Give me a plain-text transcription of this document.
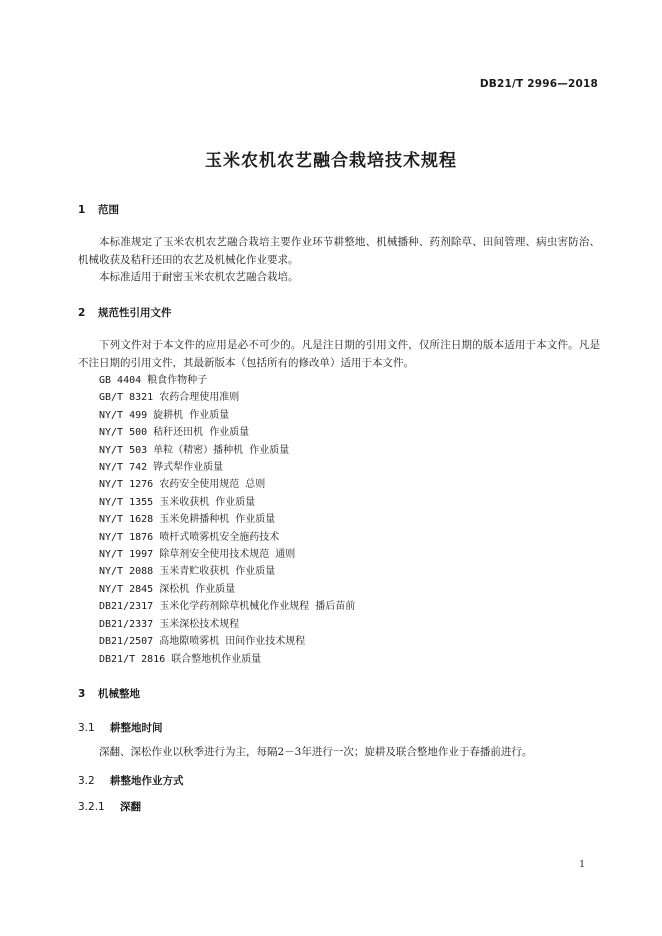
DB21/T 2996—2018
玉米农机农艺融合栽培技术规程
1 范围
本标准规定了玉米农机农艺融合栽培主要作业环节耕整地、机械播种、药剂除草、田间管理、病虫害防治、机械收获及秸秆还田的农艺及机械化作业要求。
本标准适用于耐密玉米农机农艺融合栽培。
2 规范性引用文件
下列文件对于本文件的应用是必不可少的。凡是注日期的引用文件，仅所注日期的版本适用于本文件。凡是不注日期的引用文件，其最新版本（包括所有的修改单）适用于本文件。
GB 4404 粮食作物种子
GB/T 8321 农药合理使用准则
NY/T 499 旋耕机 作业质量
NY/T 500 秸秆还田机 作业质量
NY/T 503 单粒（精密）播种机 作业质量
NY/T 742 铧式犁作业质量
NY/T 1276 农药安全使用规范 总则
NY/T 1355 玉米收获机 作业质量
NY/T 1628 玉米免耕播种机 作业质量
NY/T 1876 喷杆式喷雾机安全施药技术
NY/T 1997 除草剂安全使用技术规范 通则
NY/T 2088 玉米青贮收获机 作业质量
NY/T 2845 深松机 作业质量
DB21/2317 玉米化学药剂除草机械化作业规程 播后苗前
DB21/2337 玉米深松技术规程
DB21/2507 高地隙喷雾机 田间作业技术规程
DB21/T 2816 联合整地机作业质量
3 机械整地
3.1 耕整地时间
深翻、深松作业以秋季进行为主，每隔2－3年进行一次；旋耕及联合整地作业于春播前进行。
3.2 耕整地作业方式
3.2.1 深翻
1
